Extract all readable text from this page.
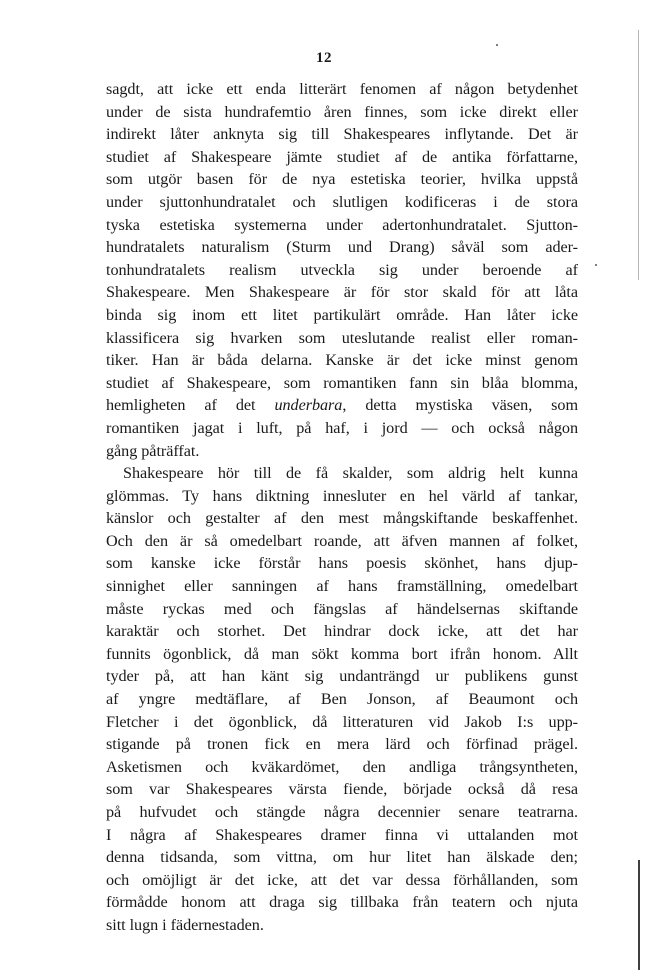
12
sagdt, att icke ett enda litterärt fenomen af någon betydenhet
under de sista hundrafemtio åren finnes, som icke direkt eller
indirekt låter anknyta sig till Shakespeares inflytande. Det är
studiet af Shakespeare jämte studiet af de antika författarne,
som utgör basen för de nya estetiska teorier, hvilka uppstå
under sjuttonhundratalet och slutligen kodificeras i de stora
tyska estetiska systemerna under adertonhundratalet. Sjutton-
hundratalets naturalism (Sturm und Drang) såväl som ader-
tonhundratalets realism utveckla sig under beroende af
Shakespeare. Men Shakespeare är för stor skald för att låta
binda sig inom ett litet partikulärt område. Han låter icke
klassificera sig hvarken som uteslutande realist eller roman-
tiker. Han är båda delarna. Kanske är det icke minst genom
studiet af Shakespeare, som romantiken fann sin blåa blomma,
hemligheten af det underbara, detta mystiska väsen, som
romantiken jagat i luft, på haf, i jord — och också någon
gång påträffat.
Shakespeare hör till de få skalder, som aldrig helt kunna
glömmas. Ty hans diktning innesluter en hel värld af tankar,
känslor och gestalter af den mest mångskiftande beskaffenhet.
Och den är så omedelbart roande, att äfven mannen af folket,
som kanske icke förstår hans poesis skönhet, hans djup-
sinnighet eller sanningen af hans framställning, omedelbart
måste ryckas med och fängslas af händelsernas skiftande
karaktär och storhet. Det hindrar dock icke, att det har
funnits ögonblick, då man sökt komma bort ifrån honom. Allt
tyder på, att han känt sig undanträngd ur publikens gunst
af yngre medtäflare, af Ben Jonson, af Beaumont och
Fletcher i det ögonblick, då litteraturen vid Jakob I:s upp-
stigande på tronen fick en mera lärd och förfinad prägel.
Asketismen och kväkardömet, den andliga trångsyntheten,
som var Shakespeares värsta fiende, började också då resa
på hufvudet och stängde några decennier senare teatrarna.
I några af Shakespeares dramer finna vi uttalanden mot
denna tidsanda, som vittna, om hur litet han älskade den;
och omöjligt är det icke, att det var dessa förhållanden, som
förmådde honom att draga sig tillbaka från teatern och njuta
sitt lugn i fädernestaden.
